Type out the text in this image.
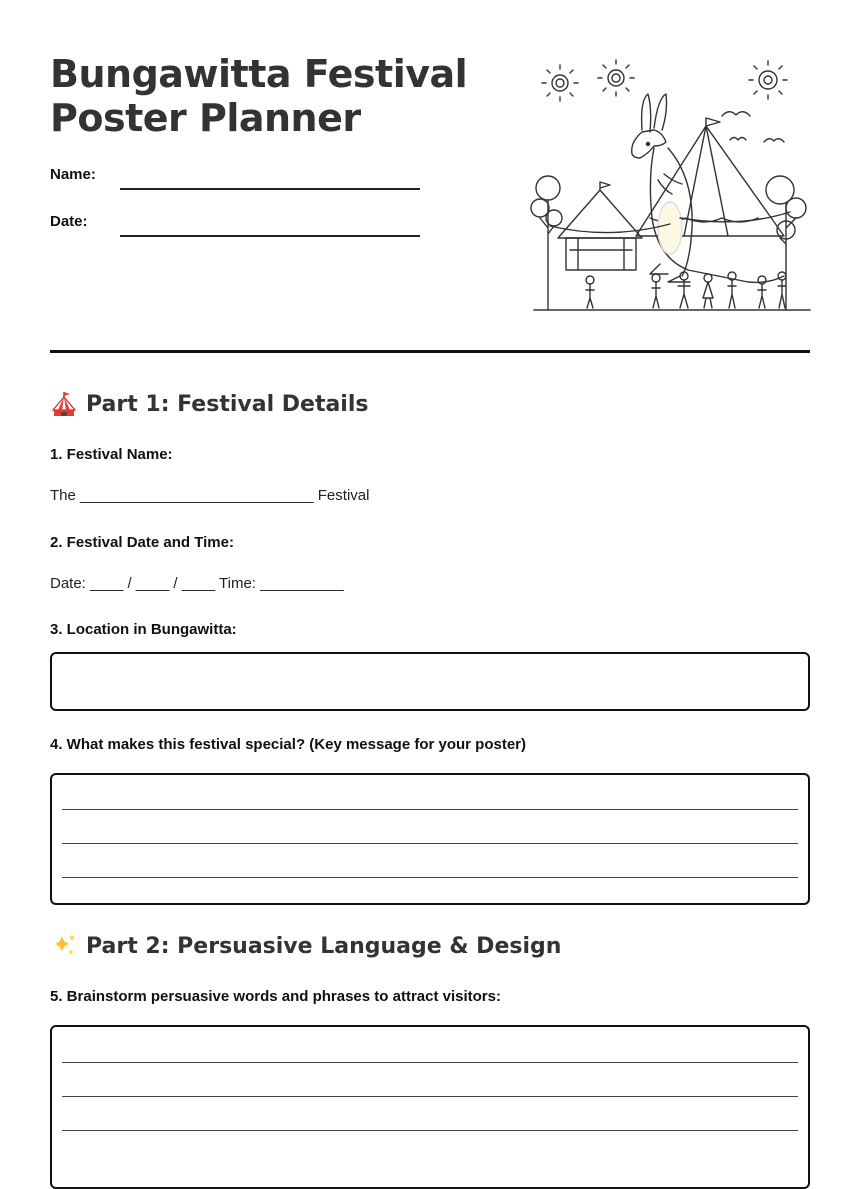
Bungawitta Festival
Poster Planner
Name:
Date:
Part 1: Festival Details
1. Festival Name:
The ____________________________ Festival
2. Festival Date and Time:
Date: ____ / ____ / ____ Time: __________
3. Location in Bungawitta:
4. What makes this festival special? (Key message for your poster)
Part 2: Persuasive Language & Design
5. Brainstorm persuasive words and phrases to attract visitors:
